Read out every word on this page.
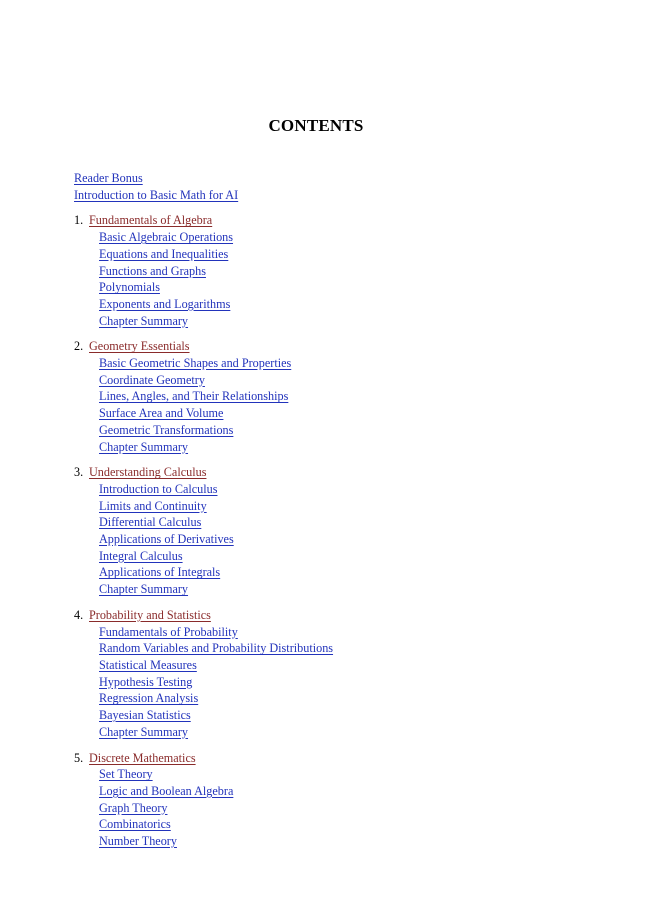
CONTENTS
Reader Bonus
Introduction to Basic Math for AI
1. Fundamentals of Algebra
Basic Algebraic Operations
Equations and Inequalities
Functions and Graphs
Polynomials
Exponents and Logarithms
Chapter Summary
2. Geometry Essentials
Basic Geometric Shapes and Properties
Coordinate Geometry
Lines, Angles, and Their Relationships
Surface Area and Volume
Geometric Transformations
Chapter Summary
3. Understanding Calculus
Introduction to Calculus
Limits and Continuity
Differential Calculus
Applications of Derivatives
Integral Calculus
Applications of Integrals
Chapter Summary
4. Probability and Statistics
Fundamentals of Probability
Random Variables and Probability Distributions
Statistical Measures
Hypothesis Testing
Regression Analysis
Bayesian Statistics
Chapter Summary
5. Discrete Mathematics
Set Theory
Logic and Boolean Algebra
Graph Theory
Combinatorics
Number Theory
